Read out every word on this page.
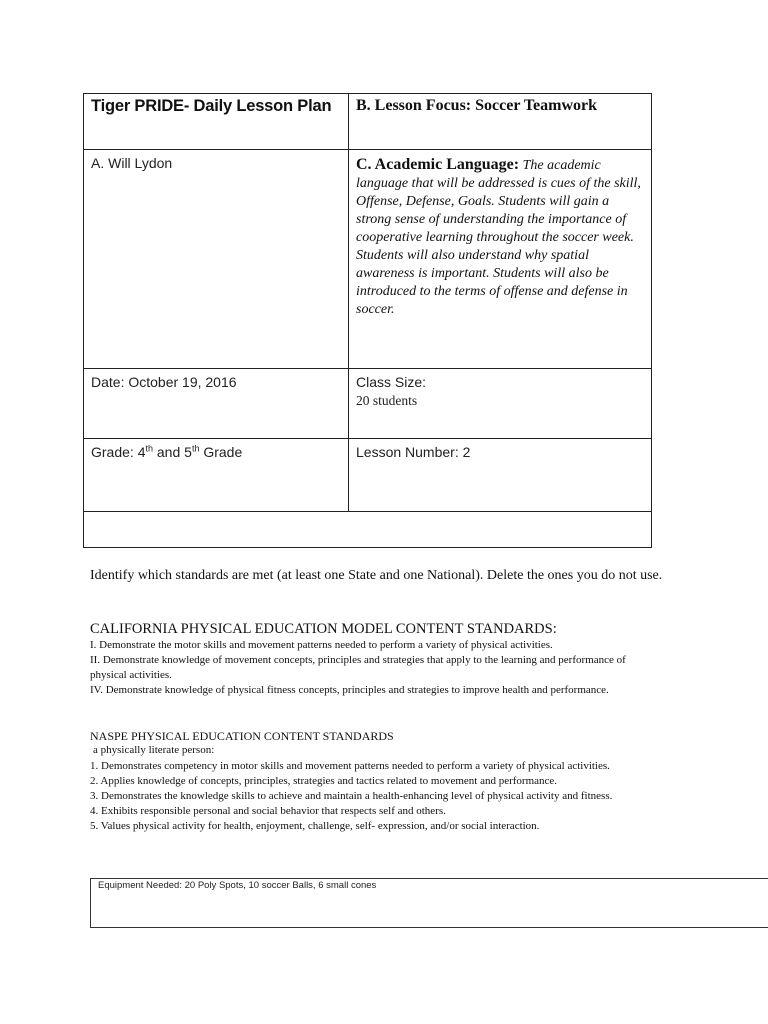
Tiger PRIDE- Daily Lesson Plan	B. Lesson Focus: Soccer Teamwork
A. Will Lydon	C. Academic Language: The academic language that will be addressed is cues of the skill, Offense, Defense, Goals. Students will gain a strong sense of understanding the importance of cooperative learning throughout the soccer week. Students will also understand why spatial awareness is important. Students will also be introduced to the terms of offense and defense in soccer.
Date: October 19, 2016	Class Size:
20 students
Grade: 4th and 5th Grade	Lesson Number: 2
Identify which standards are met (at least one State and one National). Delete the ones you do not use.
CALIFORNIA PHYSICAL EDUCATION MODEL CONTENT STANDARDS:
I. Demonstrate the motor skills and movement patterns needed to perform a variety of physical activities.
II. Demonstrate knowledge of movement concepts, principles and strategies that apply to the learning and performance of physical activities.
IV. Demonstrate knowledge of physical fitness concepts, principles and strategies to improve health and performance.
NASPE PHYSICAL EDUCATION CONTENT STANDARDS
a physically literate person:
1. Demonstrates competency in motor skills and movement patterns needed to perform a variety of physical activities.
2. Applies knowledge of concepts, principles, strategies and tactics related to movement and performance.
3. Demonstrates the knowledge skills to achieve and maintain a health-enhancing level of physical activity and fitness.
4. Exhibits responsible personal and social behavior that respects self and others.
5. Values physical activity for health, enjoyment, challenge, self- expression, and/or social interaction.
Equipment Needed: 20 Poly Spots, 10 soccer Balls, 6 small cones
